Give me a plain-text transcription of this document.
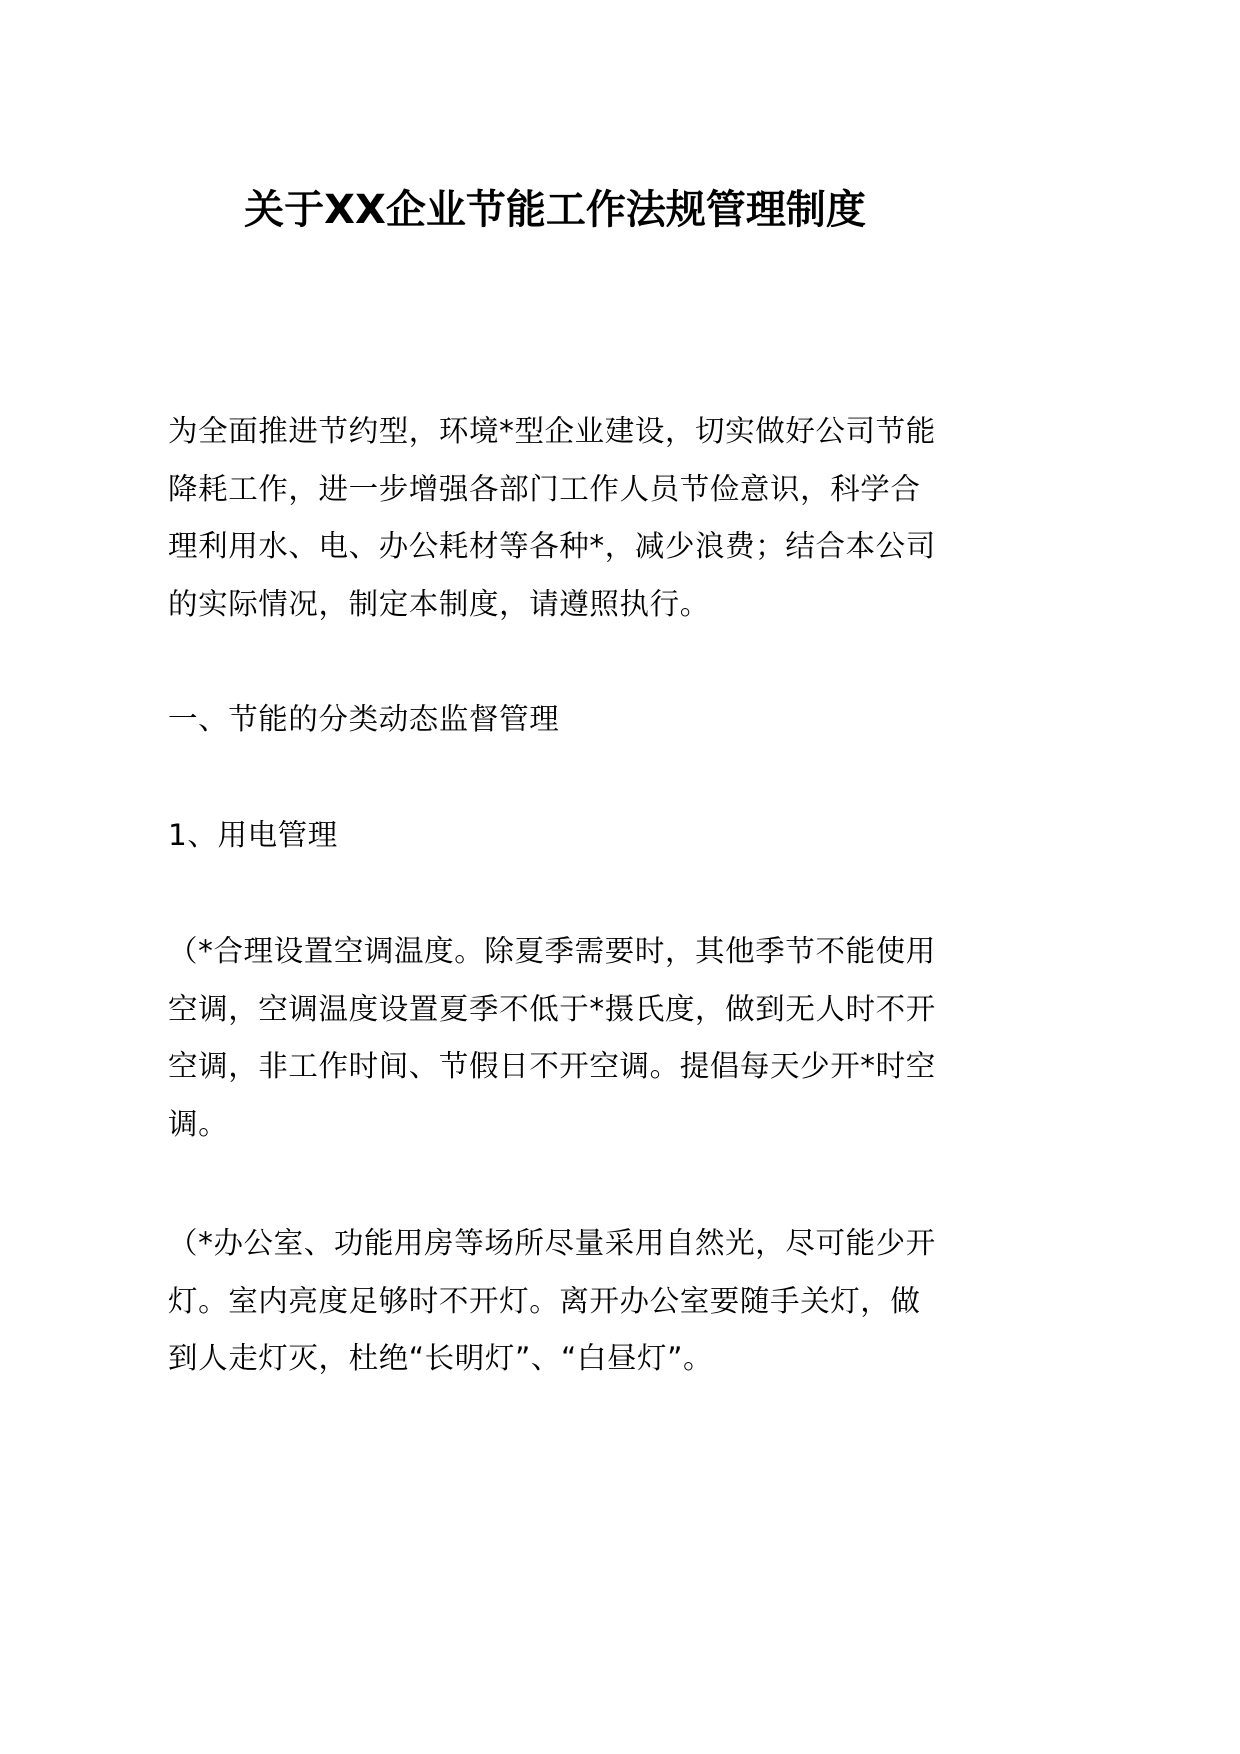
关于XX企业节能工作法规管理制度
为全面推进节约型，环境*型企业建设，切实做好公司节能
降耗工作，进一步增强各部门工作人员节俭意识，科学合
理利用水、电、办公耗材等各种*，减少浪费；结合本公司
的实际情况，制定本制度，请遵照执行。
一、节能的分类动态监督管理
1、用电管理
（*合理设置空调温度。除夏季需要时，其他季节不能使用
空调，空调温度设置夏季不低于*摄氏度，做到无人时不开
空调，非工作时间、节假日不开空调。提倡每天少开*时空
调。
（*办公室、功能用房等场所尽量采用自然光，尽可能少开
灯。室内亮度足够时不开灯。离开办公室要随手关灯，做
到人走灯灭，杜绝“长明灯”、“白昼灯”。
